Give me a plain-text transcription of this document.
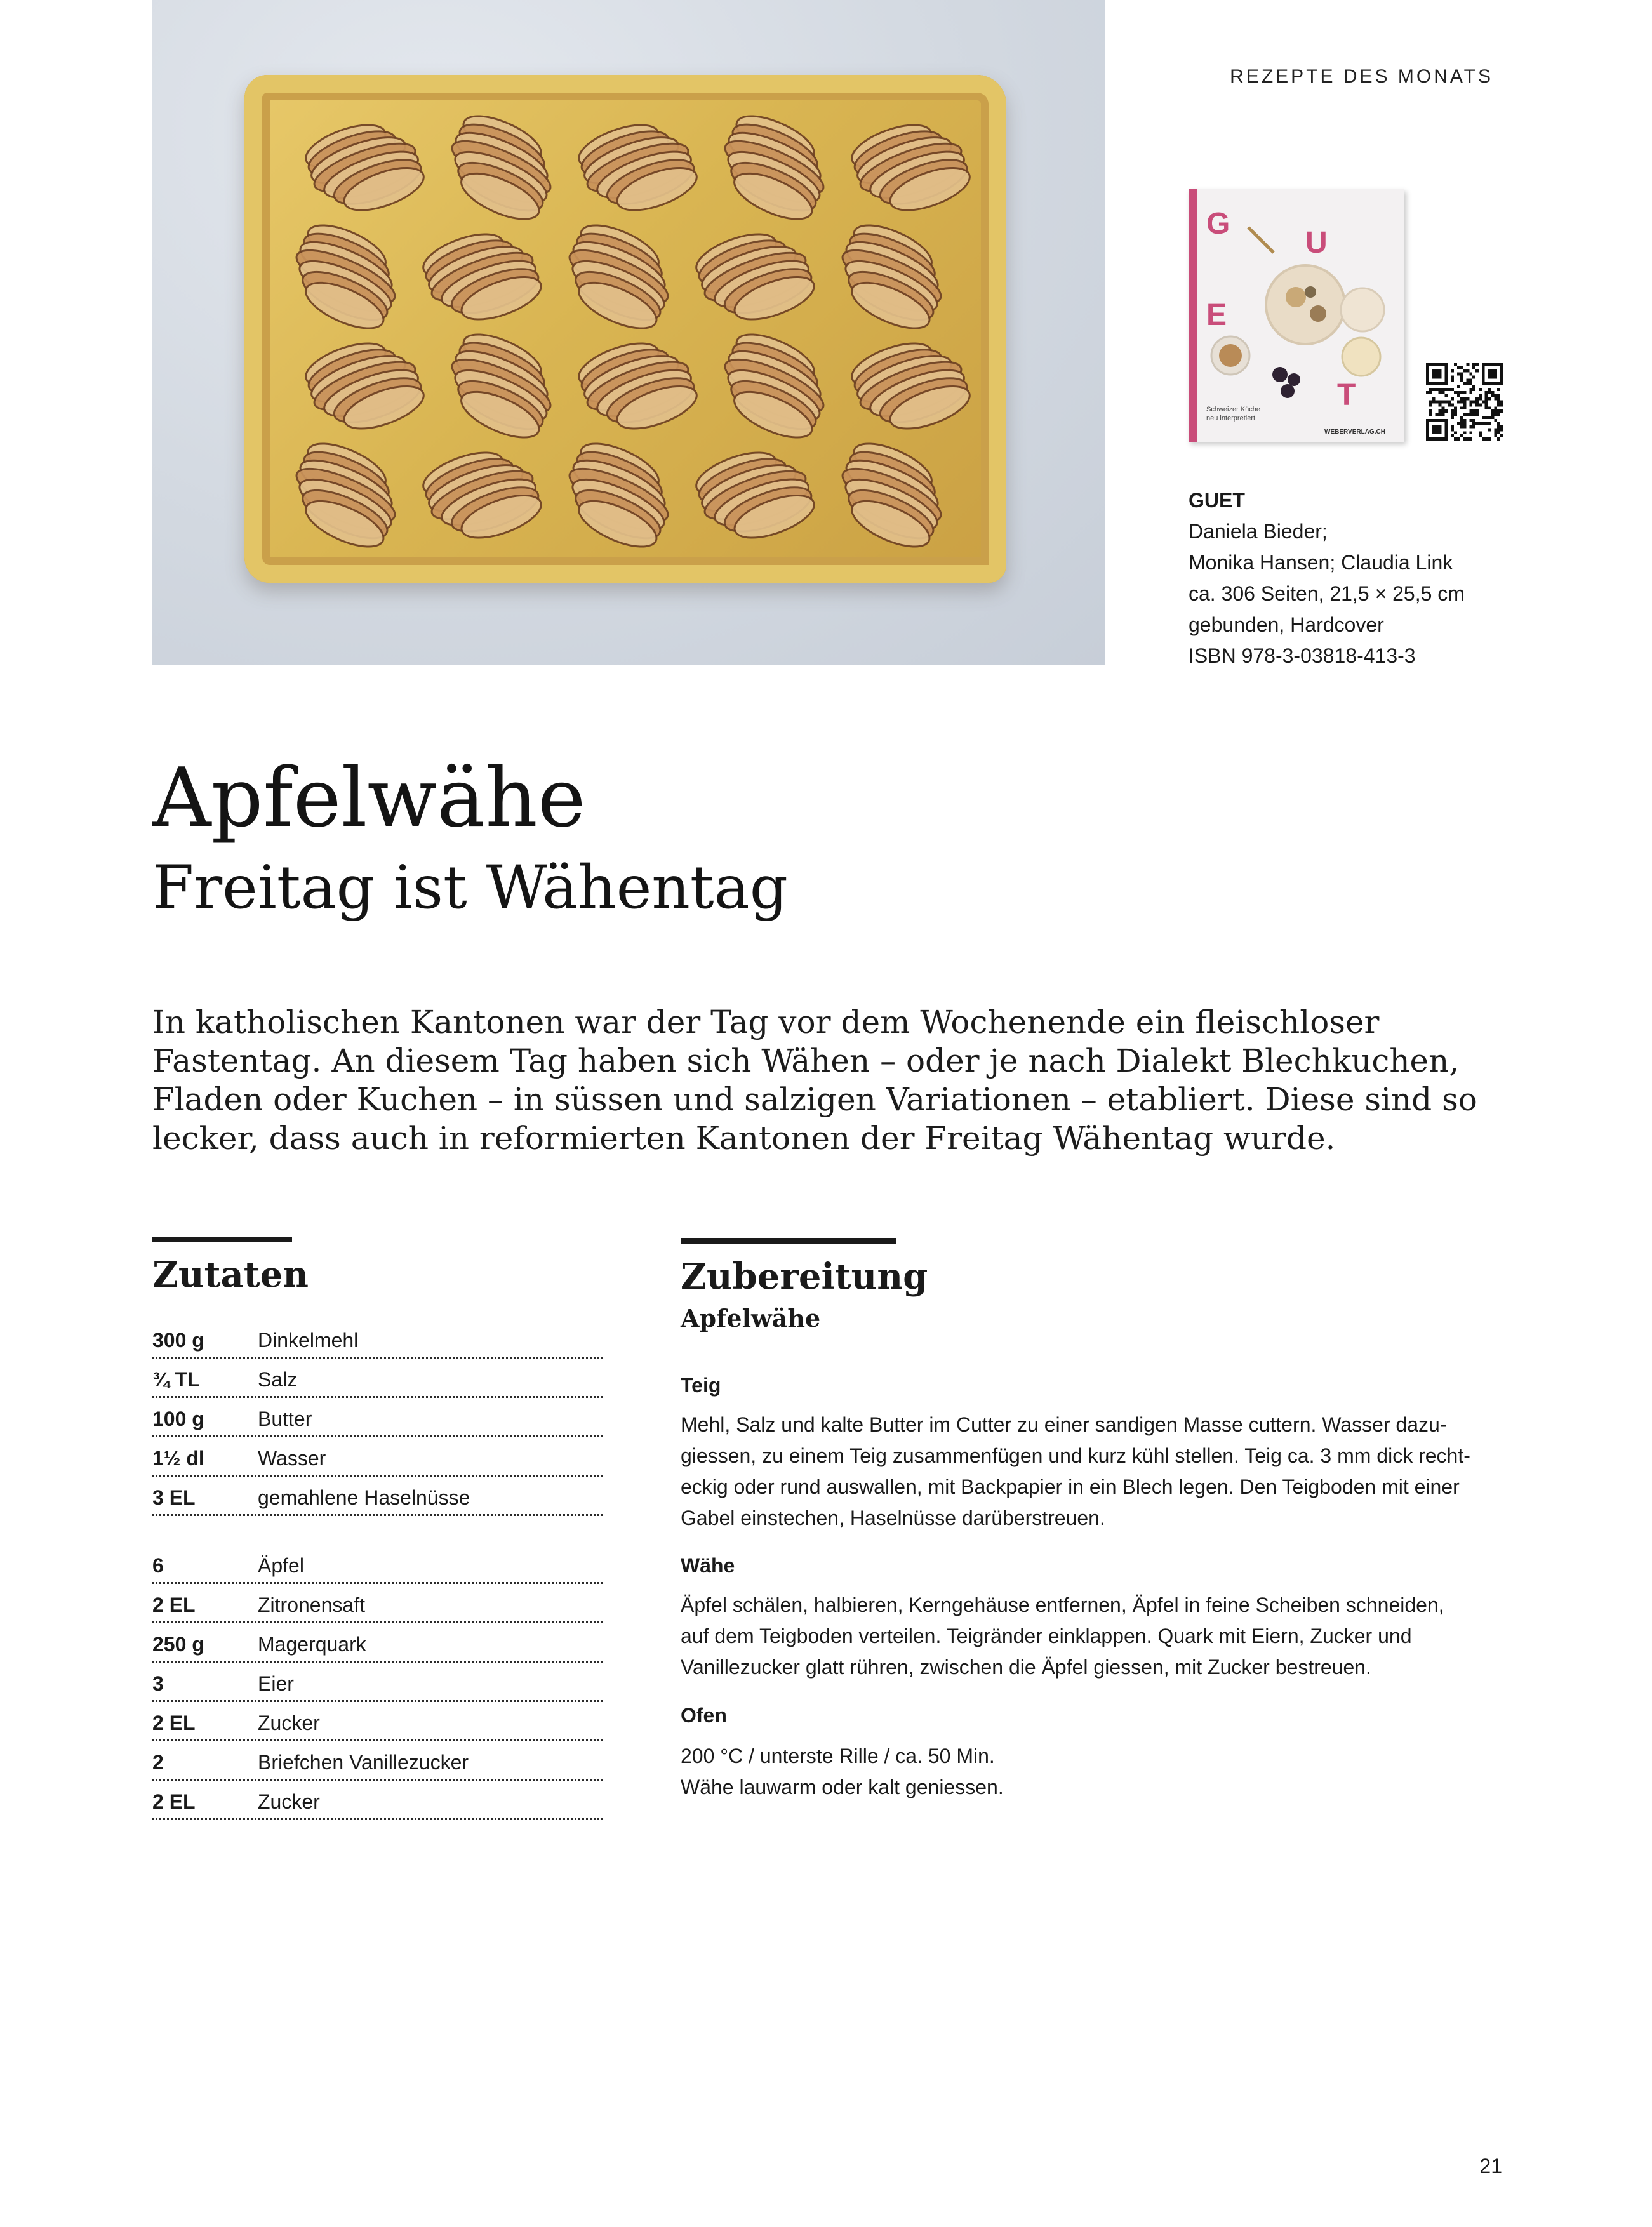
REZEPTE DES MONATS
G
U
E
T
Schweizer Küche
neu interpretiert
WEBERVERLAG.CH
GUET
Daniela Bieder;
Monika Hansen; Claudia Link
ca. 306 Seiten, 21,5 × 25,5 cm
gebunden, Hardcover
ISBN 978-3-03818-413-3
Apfelwähe
Freitag ist Wähentag

In katholischen Kantonen war der Tag vor dem Wochenende ein fleischloser Fastentag. An diesem Tag haben sich Wähen – oder je nach Dialekt Blechkuchen, Fladen oder Kuchen – in süssen und salzigen Variationen – etabliert. Diese sind so lecker, dass auch in reformierten Kantonen der Freitag Wähentag wurde.

Zutaten
300 g	Dinkelmehl
¾ TL	Salz
100 g	Butter
1½ dl	Wasser
3 EL	gemahlene Haselnüsse
6	Äpfel
2 EL	Zitronensaft
250 g	Magerquark
3	Eier
2 EL	Zucker
2	Briefchen Vanillezucker
2 EL	Zucker
Zubereitung
Apfelwähe
Teig

Mehl, Salz und kalte Butter im Cutter zu einer sandigen Masse cuttern. Wasser dazu-
giessen, zu einem Teig zusammenfügen und kurz kühl stellen. Teig ca. 3 mm dick recht-
eckig oder rund auswallen, mit Backpapier in ein Blech legen. Den Teigboden mit einer
Gabel einstechen, Haselnüsse darüberstreuen.

Wähe

Äpfel schälen, halbieren, Kerngehäuse entfernen, Äpfel in feine Scheiben schneiden,
auf dem Teigboden verteilen. Teigränder einklappen. Quark mit Eiern, Zucker und
Vanillezucker glatt rühren, zwischen die Äpfel giessen, mit Zucker bestreuen.

Ofen

200 °C / unterste Rille / ca. 50 Min.
Wähe lauwarm oder kalt geniessen.

21
